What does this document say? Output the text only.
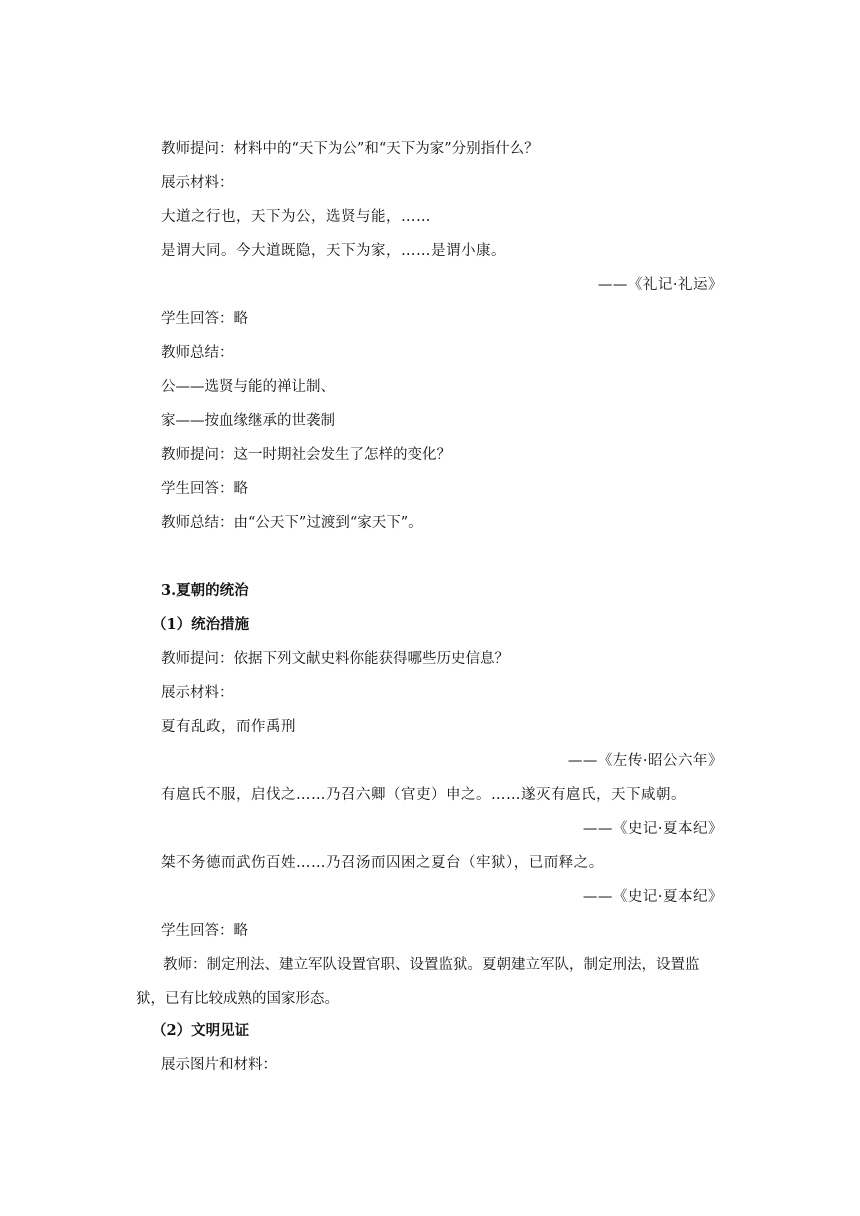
教师提问：材料中的“天下为公”和“天下为家”分别指什么？
展示材料：
大道之行也，天下为公，选贤与能，……
是谓大同。今大道既隐，天下为家，……是谓小康。
——《礼记·礼运》
学生回答：略
教师总结：
公——选贤与能的禅让制、
家——按血缘继承的世袭制
教师提问：这一时期社会发生了怎样的变化？
学生回答：略
教师总结：由“公天下”过渡到“家天下”。
3.夏朝的统治
（1）统治措施
教师提问：依据下列文献史料你能获得哪些历史信息？
展示材料：
夏有乱政，而作禹刑
——《左传·昭公六年》
有扈氏不服，启伐之……乃召六卿（官吏）申之。……遂灭有扈氏，天下咸朝。
——《史记·夏本纪》
桀不务德而武伤百姓……乃召汤而囚困之夏台（牢狱），已而释之。
——《史记·夏本纪》
学生回答：略
教师：制定刑法、建立军队设置官职、设置监狱。夏朝建立军队，制定刑法，设置监狱，已有比较成熟的国家形态。
（2）文明见证
展示图片和材料：
